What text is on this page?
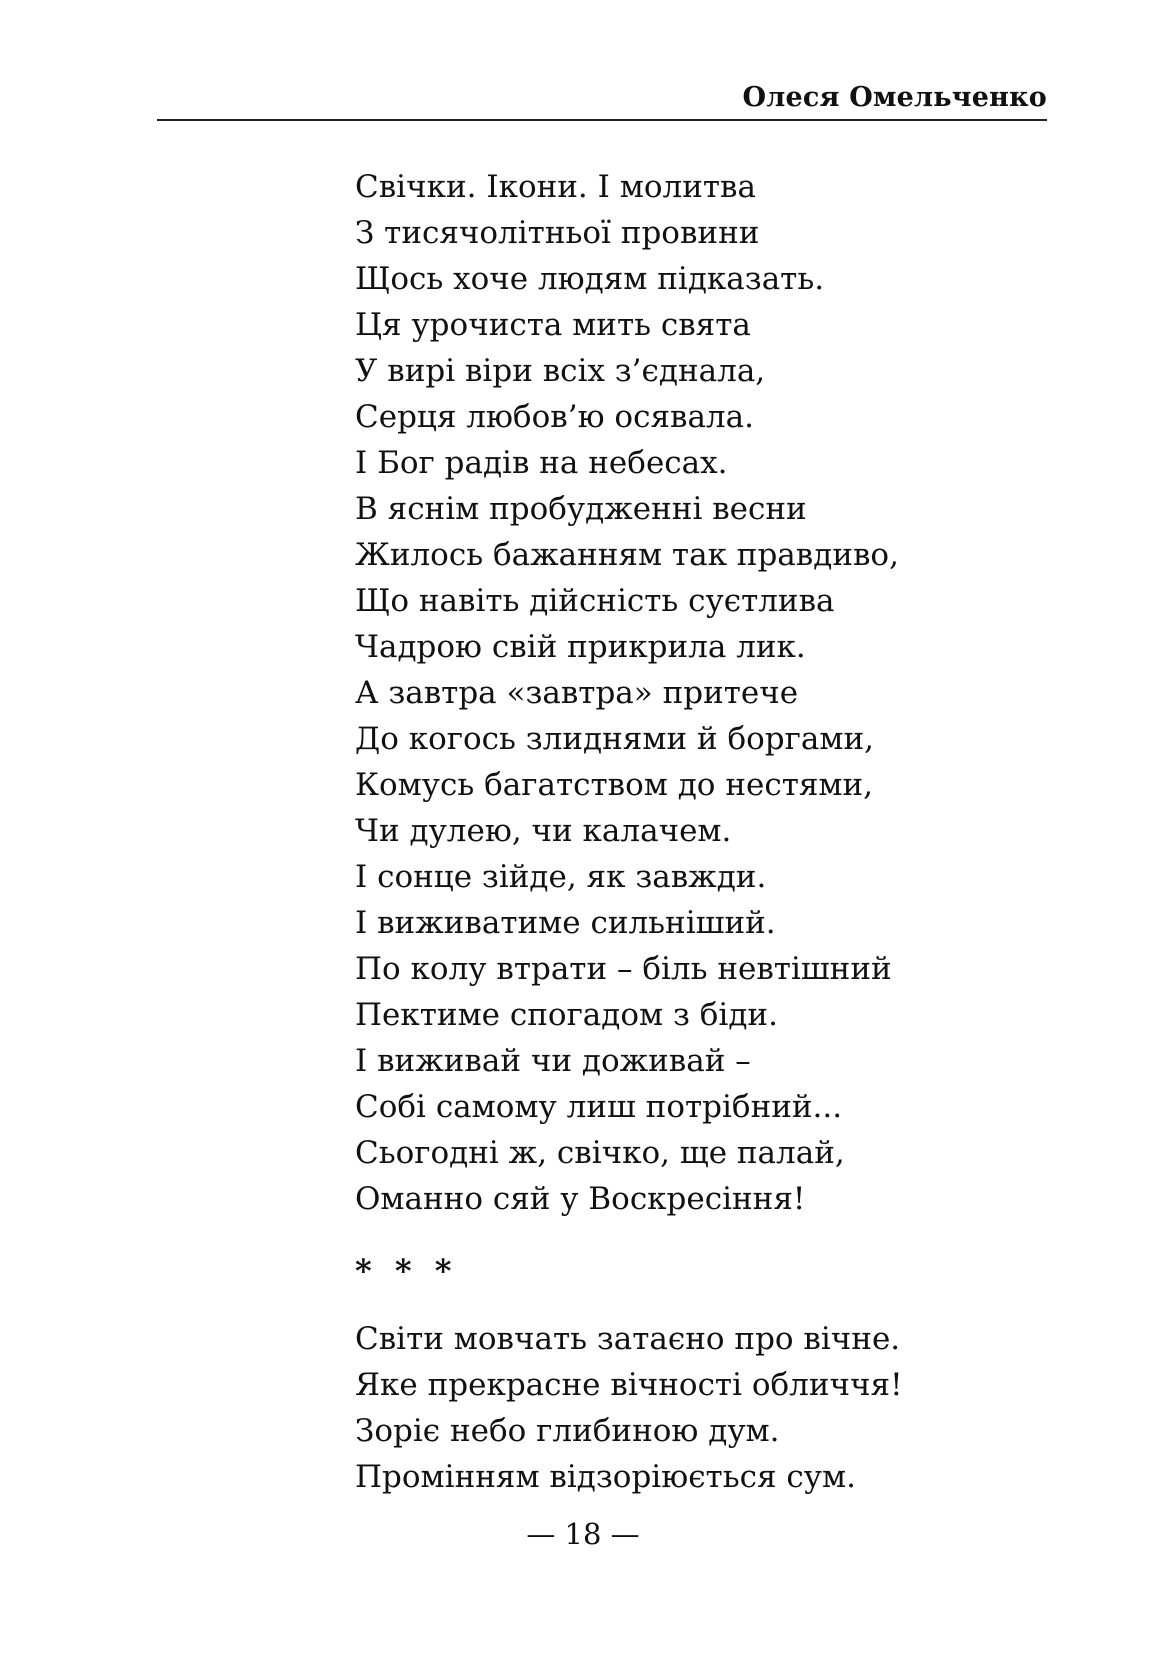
Олеся Омельченко
Свічки. Ікони. І молитва
З тисячолітньої провини
Щось хоче людям підказать.
Ця урочиста мить свята
У вирі віри всіх з’єднала,
Серця любов’ю осявала.
І Бог радів на небесах.
В яснім пробудженні весни
Жилось бажанням так правдиво,
Що навіть дійсність суєтлива
Чадрою свій прикрила лик.
А завтра «завтра» притече
До когось злиднями й боргами,
Комусь багатством до нестями,
Чи дулею, чи калачем.
І сонце зійде, як завжди.
І виживатиме сильніший.
По колу втрати – біль невтішний
Пектиме спогадом з біди.
І виживай чи доживай –
Собі самому лиш потрібний...
Сьогодні ж, свічко, ще палай,
Оманно сяй у Воскресіння!
* * *
Світи мовчать затаєно про вічне.
Яке прекрасне вічності обличчя!
Зоріє небо глибиною дум.
Промінням відзоріюється сум.
— 18 —
